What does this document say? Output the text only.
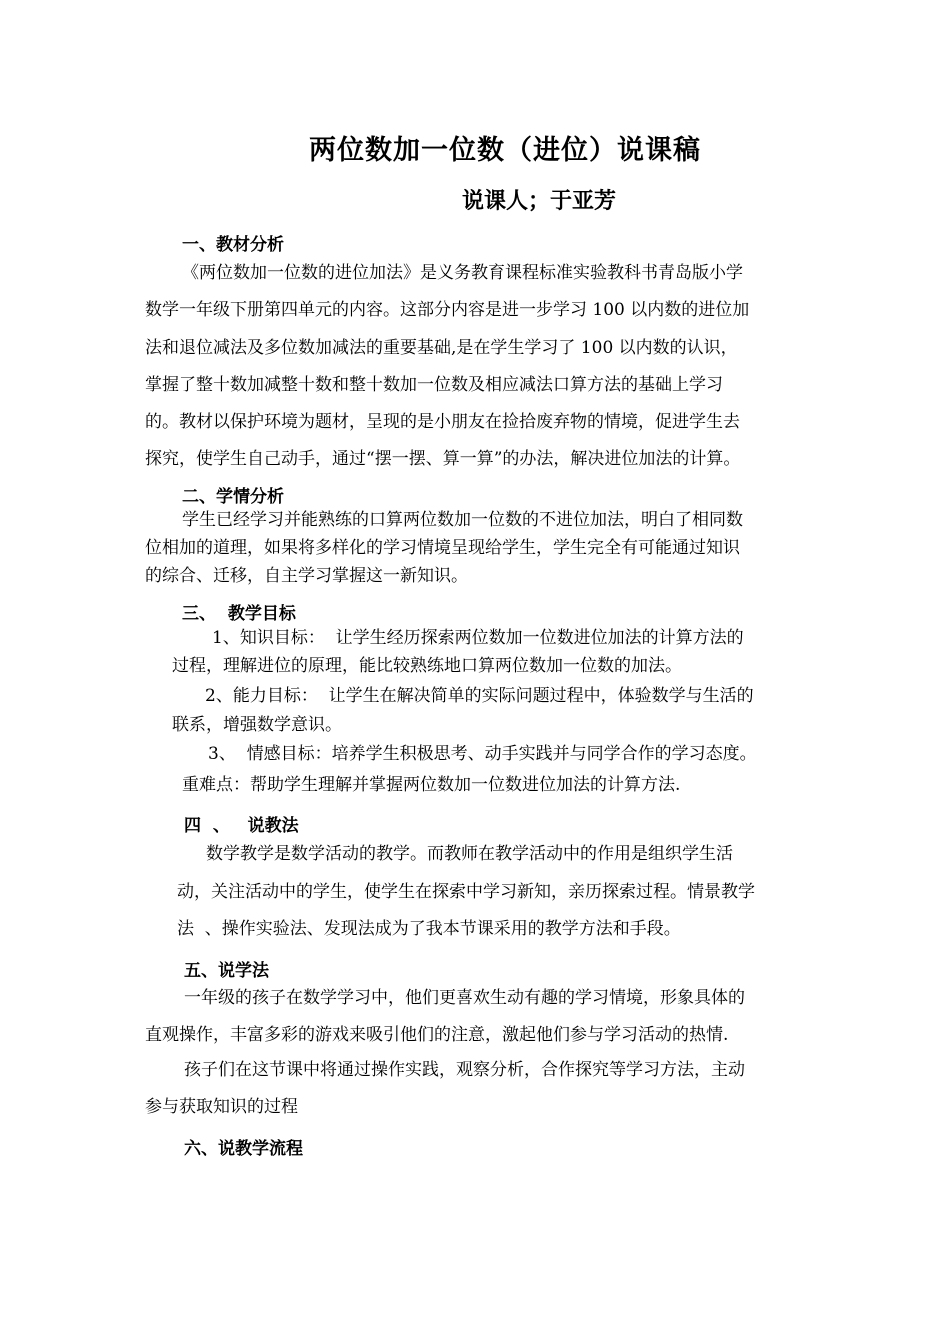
两位数加一位数（进位）说课稿
说课人；于亚芳
一、教材分析
《两位数加一位数的进位加法》是义务教育课程标准实验教科书青岛版小学
数学一年级下册第四单元的内容。这部分内容是进一步学习 100 以内数的进位加
法和退位减法及多位数加减法的重要基础,是在学生学习了 100 以内数的认识，
掌握了整十数加减整十数和整十数加一位数及相应减法口算方法的基础上学习
的。教材以保护环境为题材，呈现的是小朋友在捡拾废弃物的情境，促进学生去
探究，使学生自己动手，通过“摆一摆、算一算”的办法，解决进位加法的计算。
二、学情分析
学生已经学习并能熟练的口算两位数加一位数的不进位加法，明白了相同数
位相加的道理，如果将多样化的学习情境呈现给学生，学生完全有可能通过知识
的综合、迁移，自主学习掌握这一新知识。
三、  教学目标
1、知识目标：  让学生经历探索两位数加一位数进位加法的计算方法的
过程，理解进位的原理，能比较熟练地口算两位数加一位数的加法。
2、能力目标：  让学生在解决简单的实际问题过程中，体验数学与生活的
联系，增强数学意识。
3、  情感目标：培养学生积极思考、动手实践并与同学合作的学习态度。
重难点：帮助学生理解并掌握两位数加一位数进位加法的计算方法.
四  、   说教法
数学教学是数学活动的教学。而教师在教学活动中的作用是组织学生活
动，关注活动中的学生，使学生在探索中学习新知，亲历探索过程。情景教学
法  、操作实验法、发现法成为了我本节课采用的教学方法和手段。
五、说学法
一年级的孩子在数学学习中，他们更喜欢生动有趣的学习情境，形象具体的
直观操作，丰富多彩的游戏来吸引他们的注意，激起他们参与学习活动的热情.
孩子们在这节课中将通过操作实践，观察分析，合作探究等学习方法，主动
参与获取知识的过程
六、说教学流程
